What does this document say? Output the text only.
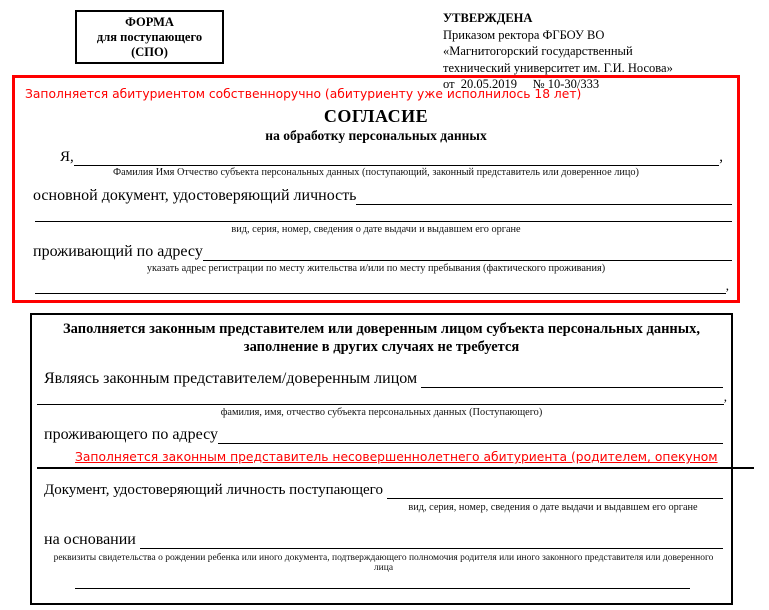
ФОРМА
для поступающего
(СПО)
УТВЕРЖДЕНА
Приказом ректора ФГБОУ ВО
«Магнитогорский государственный
технический университет им. Г.И. Носова»
от  20.05.2019     № 10-30/333
Заполняется абитуриентом собственноручно (абитуриенту уже исполнилось 18 лет)
СОГЛАСИЕ
на обработку персональных данных
Я,	,
Фамилия Имя Отчество субъекта персональных данных (поступающий, законный представитель или доверенное лицо)
основной документ, удостоверяющий личность
вид, серия, номер, сведения о дате выдачи и выдавшем его органе
проживающий по адресу
указать адрес регистрации по месту жительства и/или по месту пребывания (фактического проживания)
,
Заполняется законным представителем или доверенным лицом субъекта персональных данных, заполнение в других случаях не требуется
Являясь законным представителем/доверенным лицом

,
фамилия, имя, отчество субъекта персональных данных (Поступающего)
проживающего по адресу
Заполняется законным представитель несовершеннолетнего абитуриента (родителем, опекуном
Документ, удостоверяющий личность поступающего

вид, серия, номер, сведения о дате выдачи и выдавшем его органе
на основании

реквизиты свидетельства о рождении ребенка или иного документа, подтверждающего полномочия родителя или иного законного представителя или доверенного лица
